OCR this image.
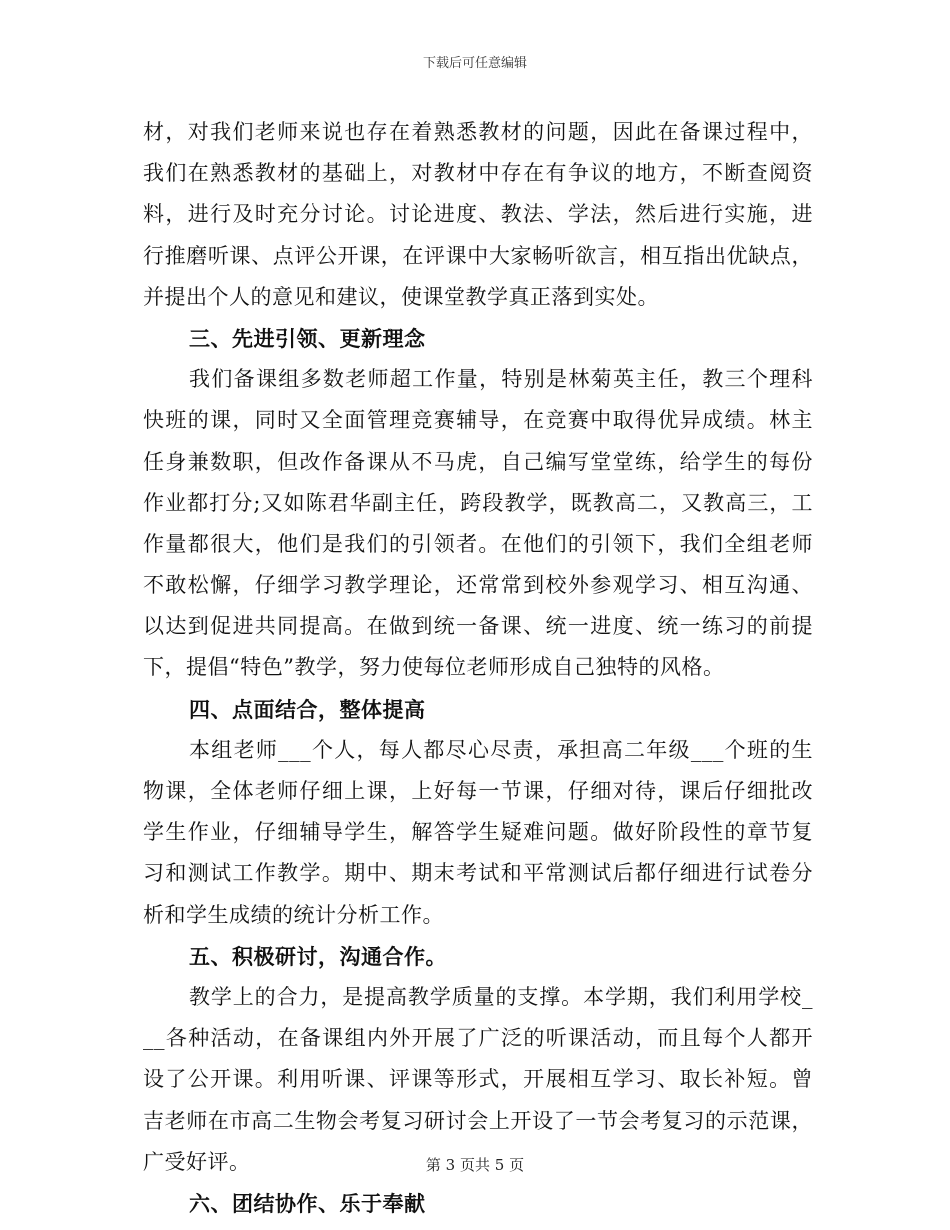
下载后可任意编辑
材，对我们老师来说也存在着熟悉教材的问题，因此在备课过程中，
我们在熟悉教材的基础上，对教材中存在有争议的地方，不断查阅资
料，进行及时充分讨论。讨论进度、教法、学法，然后进行实施，进
行推磨听课、点评公开课，在评课中大家畅听欲言，相互指出优缺点，
并提出个人的意见和建议，使课堂教学真正落到实处。
三、先进引领、更新理念
我们备课组多数老师超工作量，特别是林菊英主任，教三个理科
快班的课，同时又全面管理竞赛辅导，在竞赛中取得优异成绩。林主
任身兼数职，但改作备课从不马虎，自己编写堂堂练，给学生的每份
作业都打分;又如陈君华副主任，跨段教学，既教高二，又教高三，工
作量都很大，他们是我们的引领者。在他们的引领下，我们全组老师
不敢松懈，仔细学习教学理论，还常常到校外参观学习、相互沟通、
以达到促进共同提高。在做到统一备课、统一进度、统一练习的前提
下，提倡“特色”教学，努力使每位老师形成自己独特的风格。
四、点面结合，整体提高
本组老师___个人，每人都尽心尽责，承担高二年级___个班的生
物课，全体老师仔细上课，上好每一节课，仔细对待，课后仔细批改
学生作业，仔细辅导学生，解答学生疑难问题。做好阶段性的章节复
习和测试工作教学。期中、期末考试和平常测试后都仔细进行试卷分
析和学生成绩的统计分析工作。
五、积极研讨，沟通合作。
教学上的合力，是提高教学质量的支撑。本学期，我们利用学校_
__各种活动，在备课组内外开展了广泛的听课活动，而且每个人都开
设了公开课。利用听课、评课等形式，开展相互学习、取长补短。曾
吉老师在市高二生物会考复习研讨会上开设了一节会考复习的示范课，
广受好评。
六、团结协作、乐于奉献
第 3 页共 5 页
